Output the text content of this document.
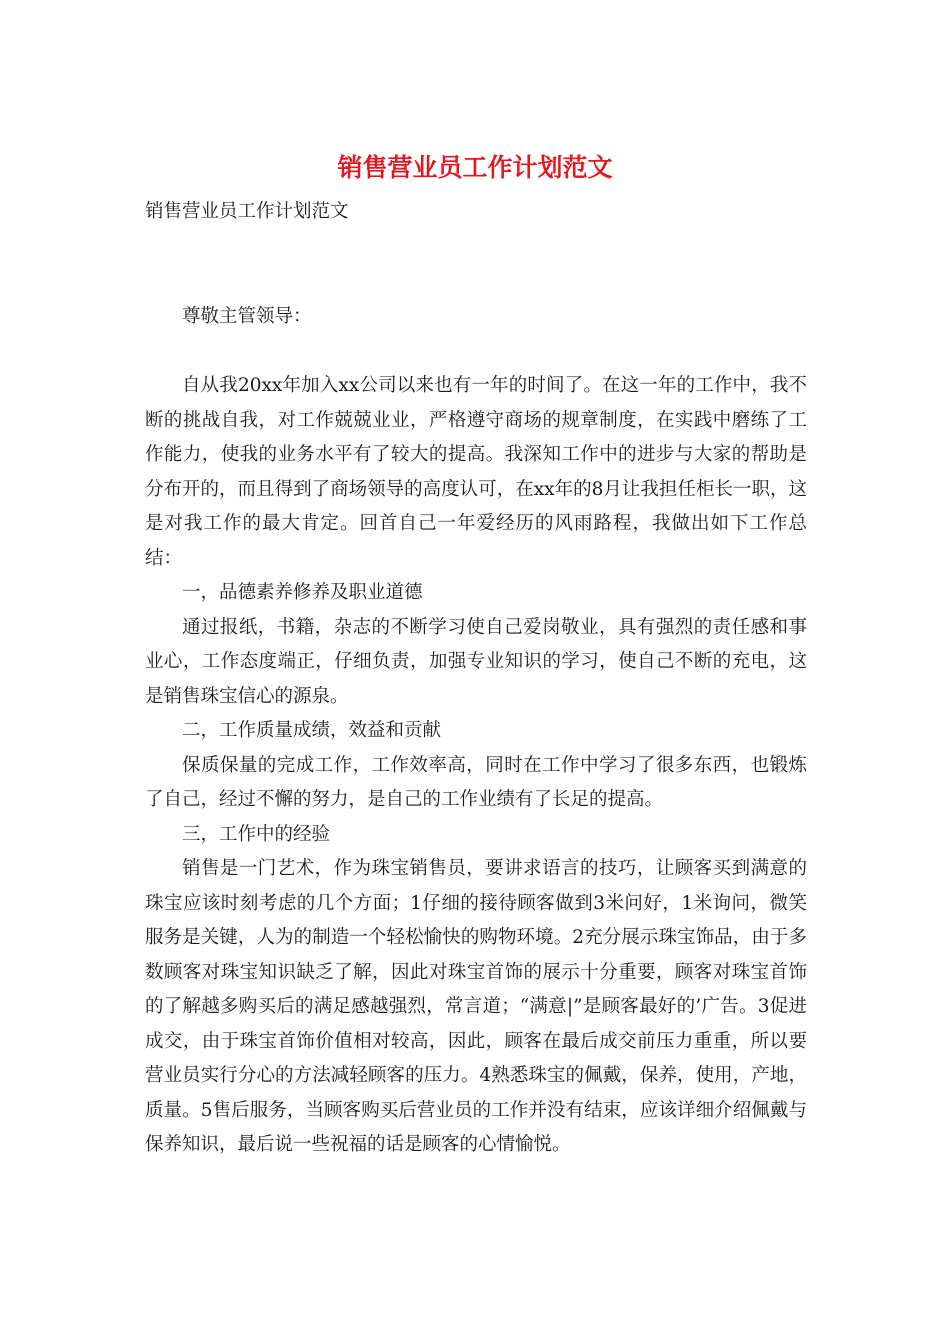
销售营业员工作计划范文
销售营业员工作计划范文

尊敬主管领导：

自从我20xx年加入xx公司以来也有一年的时间了。在这一年的工作中，我不断的挑战自我，对工作兢兢业业，严格遵守商场的规章制度，在实践中磨练了工作能力，使我的业务水平有了较大的提高。我深知工作中的进步与大家的帮助是分布开的，而且得到了商场领导的高度认可，在xx年的8月让我担任柜长一职，这是对我工作的最大肯定。回首自己一年爱经历的风雨路程，我做出如下工作总结：

一，品德素养修养及职业道德

通过报纸，书籍，杂志的不断学习使自己爱岗敬业，具有强烈的责任感和事业心，工作态度端正，仔细负责，加强专业知识的学习，使自己不断的充电，这是销售珠宝信心的源泉。

二，工作质量成绩，效益和贡献

保质保量的完成工作，工作效率高，同时在工作中学习了很多东西，也锻炼了自己，经过不懈的努力，是自己的工作业绩有了长足的提高。

三，工作中的经验

销售是一门艺术，作为珠宝销售员，要讲求语言的技巧，让顾客买到满意的珠宝应该时刻考虑的几个方面；1仔细的接待顾客做到3米问好，1米询问，微笑服务是关键，人为的制造一个轻松愉快的购物环境。2充分展示珠宝饰品，由于多数顾客对珠宝知识缺乏了解，因此对珠宝首饰的展示十分重要，顾客对珠宝首饰的了解越多购买后的满足感越强烈，常言道；“满意|”是顾客最好的’广告。3促进成交，由于珠宝首饰价值相对较高，因此，顾客在最后成交前压力重重，所以要营业员实行分心的方法减轻顾客的压力。4熟悉珠宝的佩戴，保养，使用，产地，质量。5售后服务，当顾客购买后营业员的工作并没有结束，应该详细介绍佩戴与保养知识，最后说一些祝福的话是顾客的心情愉悦。
